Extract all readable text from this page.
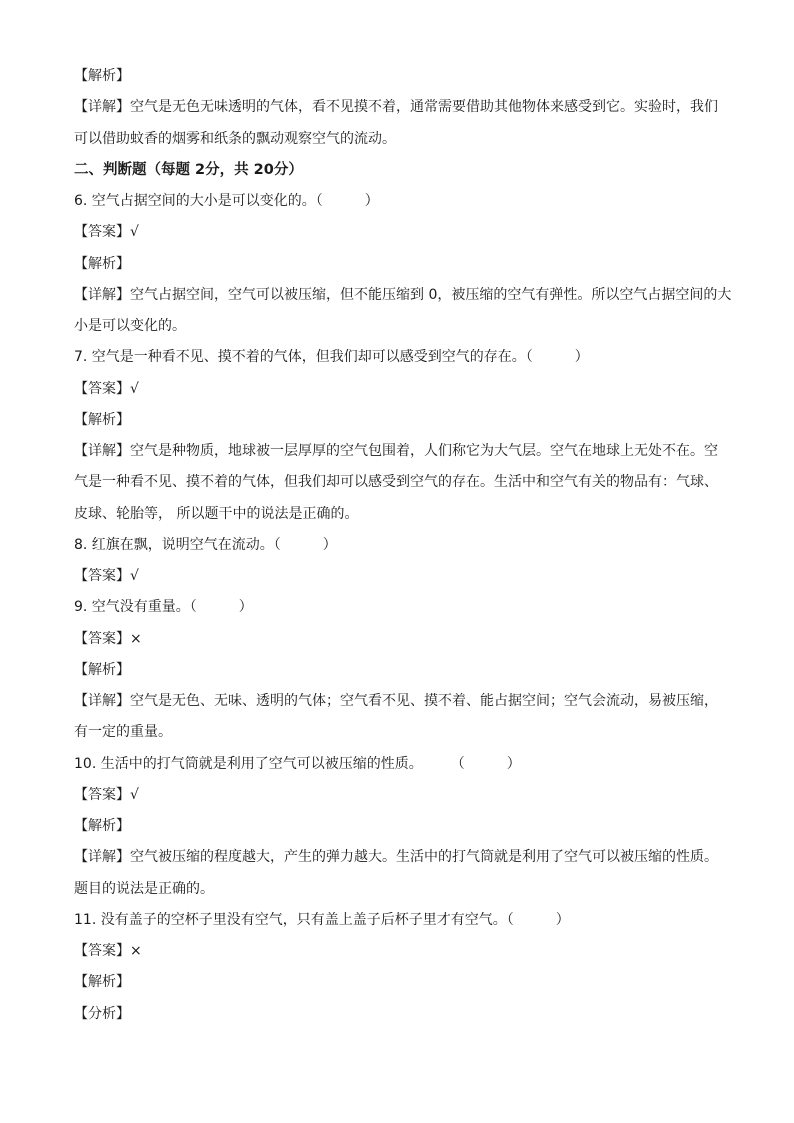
【解析】
【详解】空气是无色无味透明的气体，看不见摸不着，通常需要借助其他物体来感受到它。实验时，我们
可以借助蚊香的烟雾和纸条的飘动观察空气的流动。
二、判断题（每题 2分，共 20分）
6. 空气占据空间的大小是可以变化的。（　　　）
【答案】√
【解析】
【详解】空气占据空间，空气可以被压缩，但不能压缩到 0，被压缩的空气有弹性。所以空气占据空间的大
小是可以变化的。
7. 空气是一种看不见、摸不着的气体，但我们却可以感受到空气的存在。（　　　）
【答案】√
【解析】
【详解】空气是种物质，地球被一层厚厚的空气包围着，人们称它为大气层。空气在地球上无处不在。空
气是一种看不见、摸不着的气体，但我们却可以感受到空气的存在。生活中和空气有关的物品有：气球、
皮球、轮胎等， 所以题干中的说法是正确的。
8. 红旗在飘，说明空气在流动。（　　　）
【答案】√
9. 空气没有重量。（　　　）
【答案】×
【解析】
【详解】空气是无色、无味、透明的气体；空气看不见、摸不着、能占据空间；空气会流动，易被压缩，
有一定的重量。
10. 生活中的打气筒就是利用了空气可以被压缩的性质。　　　（　　　）
【答案】√
【解析】
【详解】空气被压缩的程度越大，产生的弹力越大。生活中的打气筒就是利用了空气可以被压缩的性质。
题目的说法是正确的。
11. 没有盖子的空杯子里没有空气，只有盖上盖子后杯子里才有空气。（　　　）
【答案】×
【解析】
【分析】
